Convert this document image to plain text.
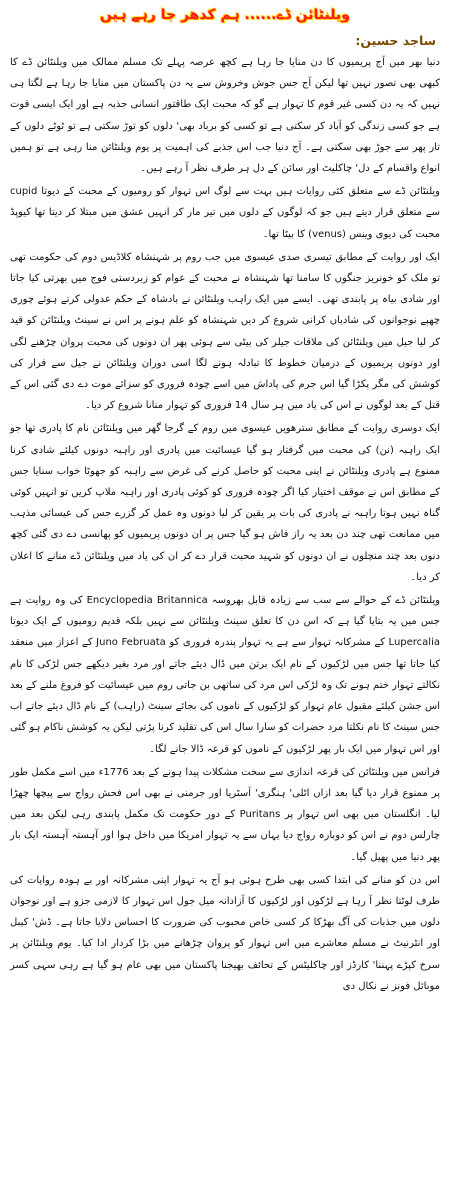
ویلنٹائن ڈے...... ہم کدھر جا رہے ہیں
ساجد حسین:

دنیا بھر میں آج پریمیوں کا دن منایا جا رہا ہے کچھ عرصہ پہلے تک مسلم ممالک میں ویلنٹائن ڈے کا کبھی بھی تصور نہیں تھا لیکن آج جس جوش وخروش سے یہ دن پاکستان میں منایا جا رہا ہے لگتا ہی نہیں کہ یہ دن کسی غیر قوم کا تہوار ہے گو کہ محبت ایک طاقتور انسانی جذبہ ہے اور ایک ایسی قوت ہے جو کسی زندگی کو آباد کر سکتی ہے تو کسی کو برباد بھی' دلوں کو توڑ سکتی ہے تو ٹوٹے دلوں کے تار پھر سے جوڑ بھی سکتی ہے۔ آج دنیا جب اس جذبے کی اہمیت پر یوم ویلنٹائن منا رہی ہے تو ہمیں انواع واقسام کے دل' چاکلیٹ اور سائن کے دل ہر طرف نظر آ رہے ہیں۔

ویلنٹائن ڈے سے متعلق کئی روایات ہیں بہت سے لوگ اس تہوار کو رومیوں کے محبت کے دیوتا cupid سے متعلق قرار دیتے ہیں جو کہ لوگوں کے دلوں میں تیر مار کر انہیں عشق میں مبتلا کر دیتا تھا کیوپڈ محبت کی دیوی وینس (venus) کا بیٹا تھا۔

ایک اور روایت کے مطابق تیسری صدی عیسوی میں جب روم پر شہنشاہ کلاڈیس دوم کی حکومت تھی تو ملک کو خونریز جنگوں کا سامنا تھا شہنشاہ نے محبت کے عوام کو زبردستی فوج میں بھرتی کیا جاتا اور شادی بیاہ پر پابندی تھی۔ ایسے میں ایک راہب ویلنٹائن نے بادشاہ کے حکم عدولی کرتے ہوئے چوری چھپے نوجوانوں کی شادیاں کرانی شروع کر دیں شہنشاہ کو علم ہونے پر اس نے سینٹ ویلنٹائن کو قید کر لیا جیل میں ویلنٹائن کی ملاقات جیلر کی بیٹی سے ہوئی پھر ان دونوں کی محبت پروان چڑھنے لگی اور دونوں پریمیوں کے درمیان خطوط کا تبادلہ ہونے لگا اسی دوران ویلنٹائن نے جیل سے فرار کی کوشش کی مگر پکڑا گیا اس جرم کی پاداش میں اسے چودہ فروری کو سزائے موت دے دی گئی اس کے قتل کے بعد لوگوں نے اس کی یاد میں ہر سال 14 فروری کو تہوار منانا شروع کر دیا۔

ایک دوسری روایت کے مطابق سترھویں عیسوی میں روم کے گرجا گھر میں ویلنٹائن نام کا پادری تھا جو ایک راہبہ (نن) کی محبت میں گرفتار ہو گیا عیسائیت میں پادری اور راہبہ دونوں کیلئے شادی کرنا ممنوع ہے پادری ویلنٹائن نے اپنی محبت کو حاصل کرنے کی غرض سے راہبہ کو جھوٹا خواب سنایا جس کے مطابق اس نے موقف اختیار کیا اگر چودہ فروری کو کوئی پادری اور راہبہ ملاپ کریں تو انہیں کوئی گناہ نہیں ہوتا راہبہ نے پادری کی بات پر یقین کر لیا دونوں وہ عمل کر گزرے جس کی عیسائی مذہب میں ممانعت تھی چند دن بعد یہ راز فاش ہو گیا جس پر ان دونوں پریمیوں کو پھانسی دے دی گئی کچھ دنوں بعد چند منچلوں نے ان دونوں کو شہید محبت قرار دے کر ان کی یاد میں ویلنٹائن ڈے منانے کا اعلان کر دیا۔

ویلنٹائن ڈے کے حوالے سے سب سے زیادہ قابل بھروسہ Encyclopedia Britannica کی وہ روایت ہے جس میں یہ بتایا گیا ہے کہ اس دن کا تعلق سینٹ ویلنٹائن سے نہیں بلکہ قدیم رومیوں کے ایک دیوتا Lupercalia کے مشرکانہ تہوار سے ہے یہ تہوار پندرہ فروری کو Juno Februata کے اعزاز میں منعقد کیا جاتا تھا جس میں لڑکیوں کے نام ایک برتن میں ڈال دیئے جاتے اور مرد بغیر دیکھے جس لڑکی کا نام نکالتے تہوار ختم ہونے تک وہ لڑکی اس مرد کی ساتھی بن جاتی روم میں عیسائیت کو فروغ ملنے کے بعد اس جشن کیلئے مقبول عام تہوار کو لڑکیوں کے ناموں کی بجائے سینٹ (راہب) کے نام ڈال دیئے جاتے اب جس سینٹ کا نام نکلتا مرد حضرات کو سارا سال اس کی تقلید کرنا پڑتی لیکن یہ کوشش ناکام ہو گئی اور اس تہوار میں ایک بار پھر لڑکیوں کے ناموں کو قرعہ ڈالا جانے لگا۔

فرانس میں ویلنٹائن کی قرعہ اندازی سے سخت مشکلات پیدا ہونے کے بعد 1776ء میں اسے مکمل طور پر ممنوع قرار دیا گیا بعد ازاں اٹلی' ہنگری' آسٹریا اور جرمنی نے بھی اس فحش رواج سے پیچھا چھڑا لیا۔ انگلستان میں بھی اس تہوار پر Puritans کے دور حکومت تک مکمل پابندی رہی لیکن بعد میں چارلس دوم نے اس کو دوبارہ رواج دیا یہاں سے یہ تہوار امریکا میں داخل ہوا اور آہستہ آہستہ ایک بار پھر دنیا میں پھیل گیا۔

اس دن کو منانے کی ابتدا کسی بھی طرح ہوئی ہو آج یہ تہوار اپنی مشرکانہ اور بے ہودہ روایات کی طرف لوٹتا نظر آ رہا ہے لڑکوں اور لڑکیوں کا آزادانہ میل جول اس تہوار کا لازمی جزو ہے اور نوجوان دلوں میں جذبات کی آگ بھڑکا کر کسی خاص محبوب کی ضرورت کا احساس دلایا جاتا ہے۔ ڈش' کیبل اور انٹرنیٹ نے مسلم معاشرے میں اس تہوار کو پروان چڑھانے میں بڑا کردار ادا کیا۔ یوم ویلنٹائن پر سرخ کپڑے پہننا' کارڈز اور چاکلیٹس کے تحائف بھیجنا پاکستان میں بھی عام ہو گیا ہے رہی سہی کسر موبائل فونز نے نکال دی
